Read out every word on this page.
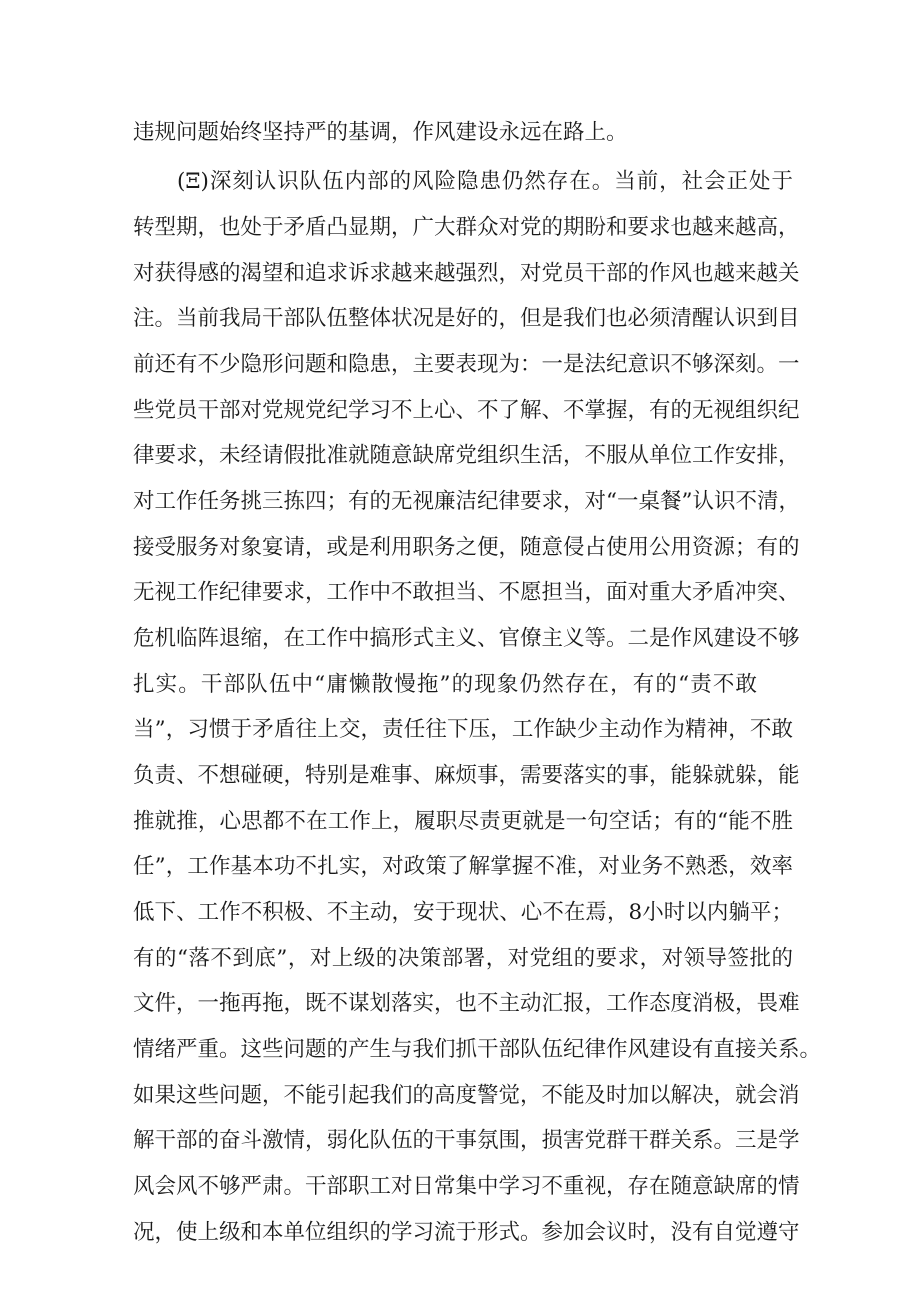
违规问题始终坚持严的基调，作风建设永远在路上。
(Ξ)深刻认识队伍内部的风险隐患仍然存在。当前，社会正处于
转型期，也处于矛盾凸显期，广大群众对党的期盼和要求也越来越高，
对获得感的渴望和追求诉求越来越强烈，对党员干部的作风也越来越关
注。当前我局干部队伍整体状况是好的，但是我们也必须清醒认识到目
前还有不少隐形问题和隐患，主要表现为：一是法纪意识不够深刻。一
些党员干部对党规党纪学习不上心、不了解、不掌握，有的无视组织纪
律要求，未经请假批准就随意缺席党组织生活，不服从单位工作安排，
对工作任务挑三拣四；有的无视廉洁纪律要求，对“一桌餐”认识不清，
接受服务对象宴请，或是利用职务之便，随意侵占使用公用资源；有的
无视工作纪律要求，工作中不敢担当、不愿担当，面对重大矛盾冲突、
危机临阵退缩，在工作中搞形式主义、官僚主义等。二是作风建设不够
扎实。干部队伍中“庸懒散慢拖”的现象仍然存在，有的“责不敢
当”，习惯于矛盾往上交，责任往下压，工作缺少主动作为精神，不敢
负责、不想碰硬，特别是难事、麻烦事，需要落实的事，能躲就躲，能
推就推，心思都不在工作上，履职尽责更就是一句空话；有的“能不胜
任”，工作基本功不扎实，对政策了解掌握不准，对业务不熟悉，效率
低下、工作不积极、不主动，安于现状、心不在焉，8小时以内躺平；
有的“落不到底”，对上级的决策部署，对党组的要求，对领导签批的
文件，一拖再拖，既不谋划落实，也不主动汇报，工作态度消极，畏难
情绪严重。这些问题的产生与我们抓干部队伍纪律作风建设有直接关系。
如果这些问题，不能引起我们的高度警觉，不能及时加以解决，就会消
解干部的奋斗激情，弱化队伍的干事氛围，损害党群干群关系。三是学
风会风不够严肃。干部职工对日常集中学习不重视，存在随意缺席的情
况，使上级和本单位组织的学习流于形式。参加会议时，没有自觉遵守
